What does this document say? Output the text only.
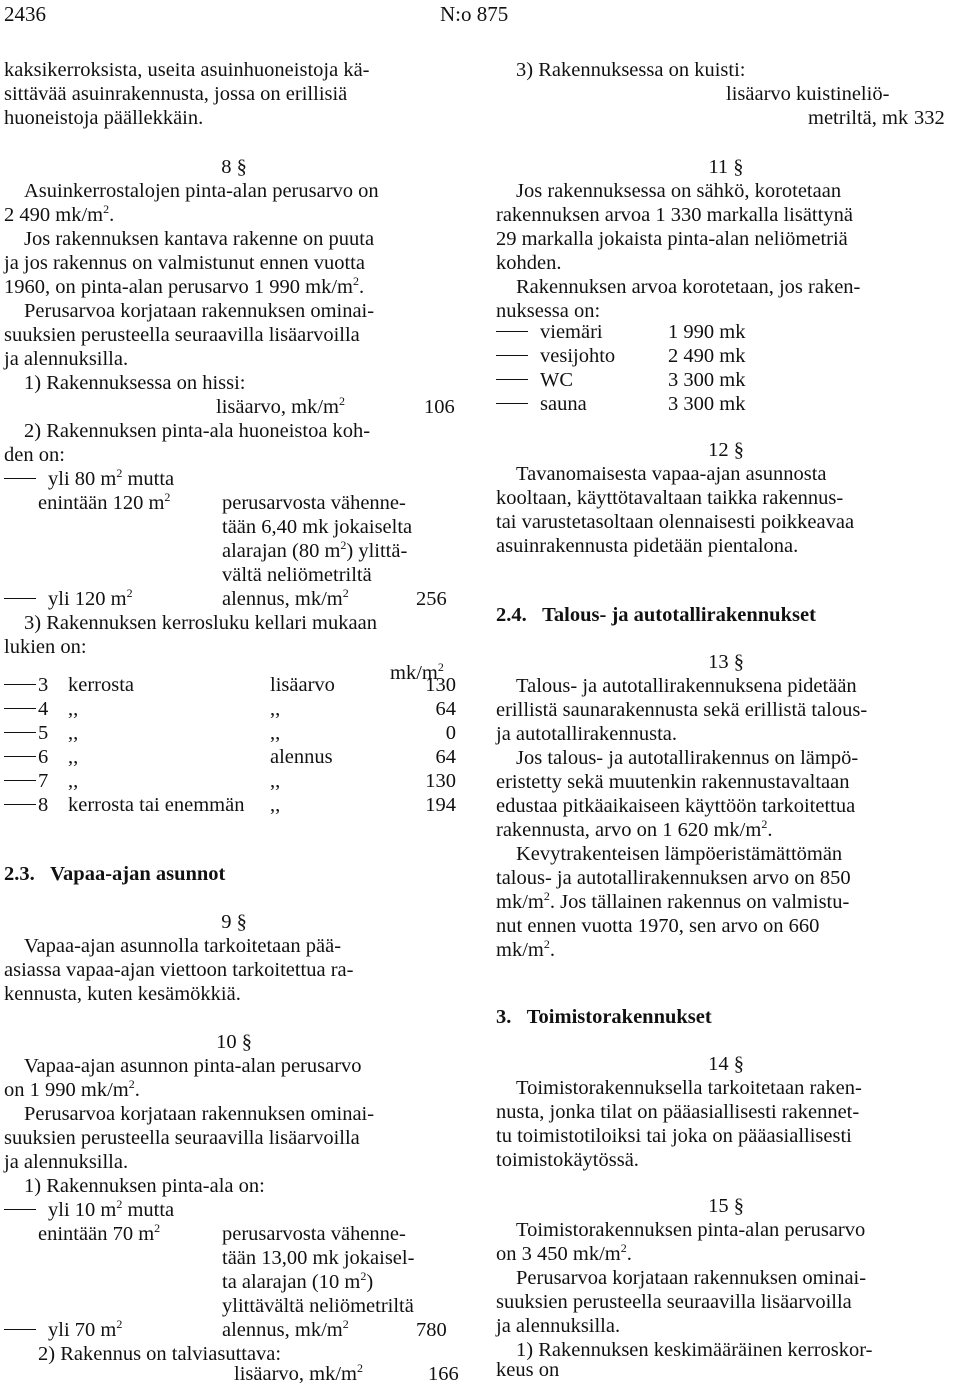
2436	N:o 875
kaksikerroksista, useita asuinhuoneistoja kä-
sittävää asuinrakennusta, jossa on erillisiä
huoneistoja päällekkäin.
8 §
Asuinkerrostalojen pinta-alan perusarvo on
2 490 $mk/m^2$.
Jos rakennuksen kantava rakenne on puuta
ja jos rakennus on valmistunut ennen vuotta
1960, on pinta-alan perusarvo 1 990 $mk/m^2$.
Perusarvoa korjataan rakennuksen ominai-
suuksien perusteella seuraavilla lisäarvoilla
ja alennuksilla.
1) Rakennuksessa on hissi:
lisäarvo, $mk/m^2$	106
2) Rakennuksen pinta-ala huoneistoa koh-
den on:
yli 80 $m^2$ mutta
enintään 120 $m^2$	perusarvosta vähenne-
tään 6,40 mk jokaiselta
alarajan (80 $m^2$) ylittä-
vältä neliömetriltä
yli 120 $m^2$	alennus, $mk/m^2$	256
3) Rakennuksen kerrosluku kellari mukaan
lukien on:
$mk/m^2$
3 kerrosta	lisäarvo	130
4 ,,	,,	64
5 ,,	,,	0
6 ,,	alennus	64
7 ,,	,,	130
8 kerrosta tai enemmän ,,	194
2.3. Vapaa-ajan asunnot
9 §
Vapaa-ajan asunnolla tarkoitetaan pää-
asiassa vapaa-ajan viettoon tarkoitettua ra-
kennusta, kuten kesämökkiä.
10 §
Vapaa-ajan asunnon pinta-alan perusarvo
on 1 990 $mk/m^2$.
Perusarvoa korjataan rakennuksen ominai-
suuksien perusteella seuraavilla lisäarvoilla
ja alennuksilla.
1) Rakennuksen pinta-ala on:
yli 10 $m^2$ mutta
enintään 70 $m^2$	perusarvosta vähenne-
tään 13,00 mk jokaisel-
ta alarajan (10 $m^2$)
ylittävältä neliömetriltä
yli 70 $m^2$	alennus, $mk/m^2$	780
2) Rakennus on talviasuttava:
lisäarvo, $mk/m^2$	166
3) Rakennuksessa on kuisti:
lisäarvo kuistineliö-
metriltä, mk 332
11 §
Jos rakennuksessa on sähkö, korotetaan
rakennuksen arvoa 1 330 markalla lisättynä
29 markalla jokaista pinta-alan neliömetriä
kohden.
Rakennuksen arvoa korotetaan, jos raken-
nuksessa on:
viemäri	1 990 mk
vesijohto	2 490 mk
WC	3 300 mk
sauna	3 300 mk
12 §
Tavanomaisesta vapaa-ajan asunnosta
kooltaan, käyttötavaltaan taikka rakennus-
tai varustetasoltaan olennaisesti poikkeavaa
asuinrakennusta pidetään pientalona.
2.4. Talous- ja autotallirakennukset
13 §
Talous- ja autotallirakennuksena pidetään
erillistä saunarakennusta sekä erillistä talous-
ja autotallirakennusta.
Jos talous- ja autotallirakennus on lämpö-
eristetty sekä muutenkin rakennustavaltaan
edustaa pitkäaikaiseen käyttöön tarkoitettua
rakennusta, arvo on 1 620 $mk/m^2$.
Kevytrakenteisen lämpöeristämättömän
talous- ja autotallirakennuksen arvo on 850
$mk/m^2$. Jos tällainen rakennus on valmistu-
nut ennen vuotta 1970, sen arvo on 660
$mk/m^2$.
3. Toimistorakennukset
14 §
Toimistorakennuksella tarkoitetaan raken-
nusta, jonka tilat on pääasiallisesti rakennet-
tu toimistotiloiksi tai joka on pääasiallisesti
toimistokäytössä.
15 §
Toimistorakennuksen pinta-alan perusarvo
on 3 450 $mk/m^2$.
Perusarvoa korjataan rakennuksen ominai-
suuksien perusteella seuraavilla lisäarvoilla
ja alennuksilla.
1) Rakennuksen keskimääräinen kerroskor-
keus on
